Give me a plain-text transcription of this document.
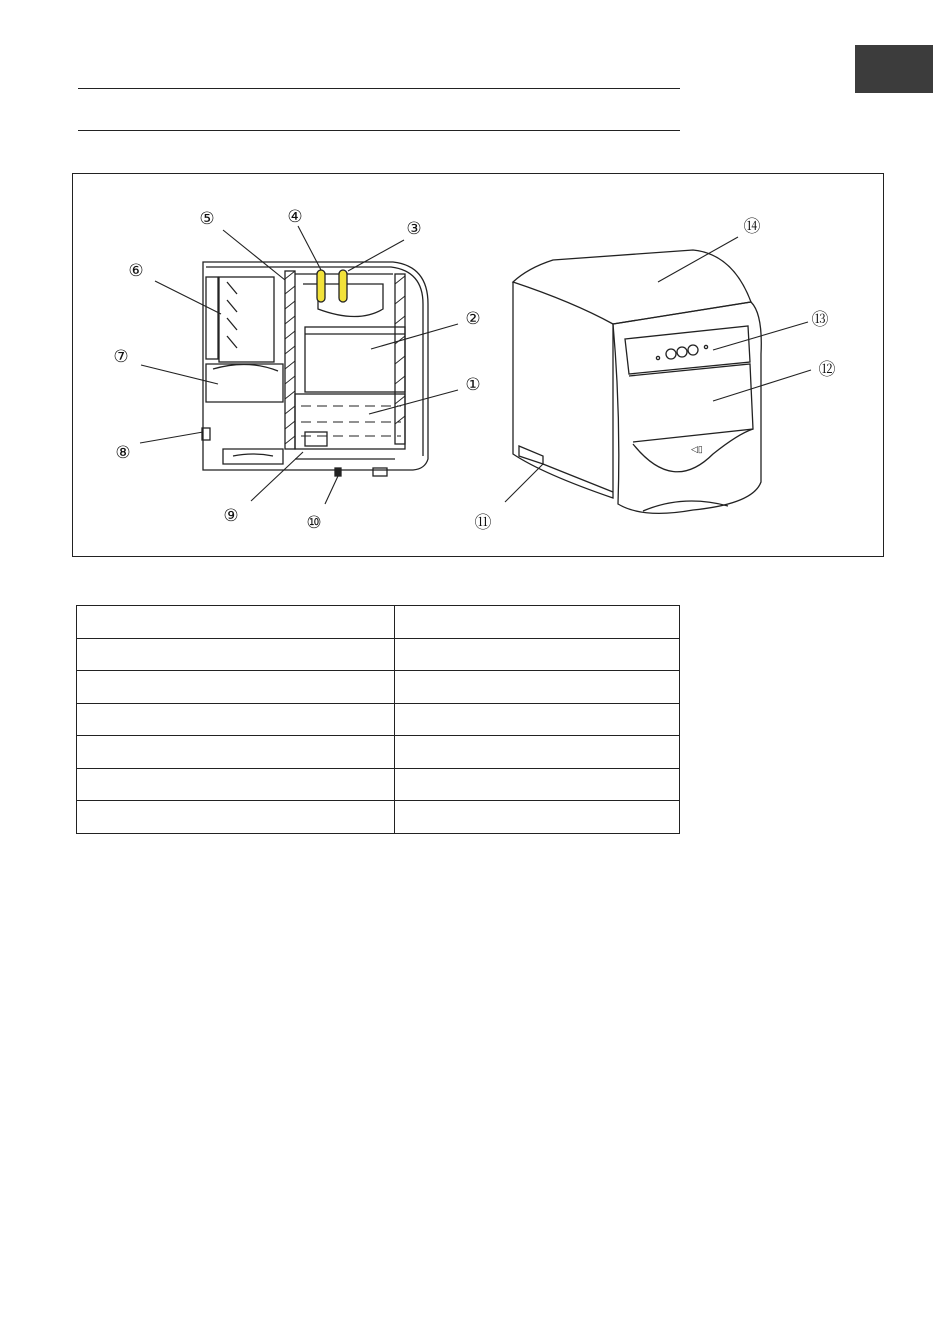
◁▯
①
②
③
④
⑤
⑥
⑦
⑧
⑨	⑩	⑪
⑫
⑬
⑭
